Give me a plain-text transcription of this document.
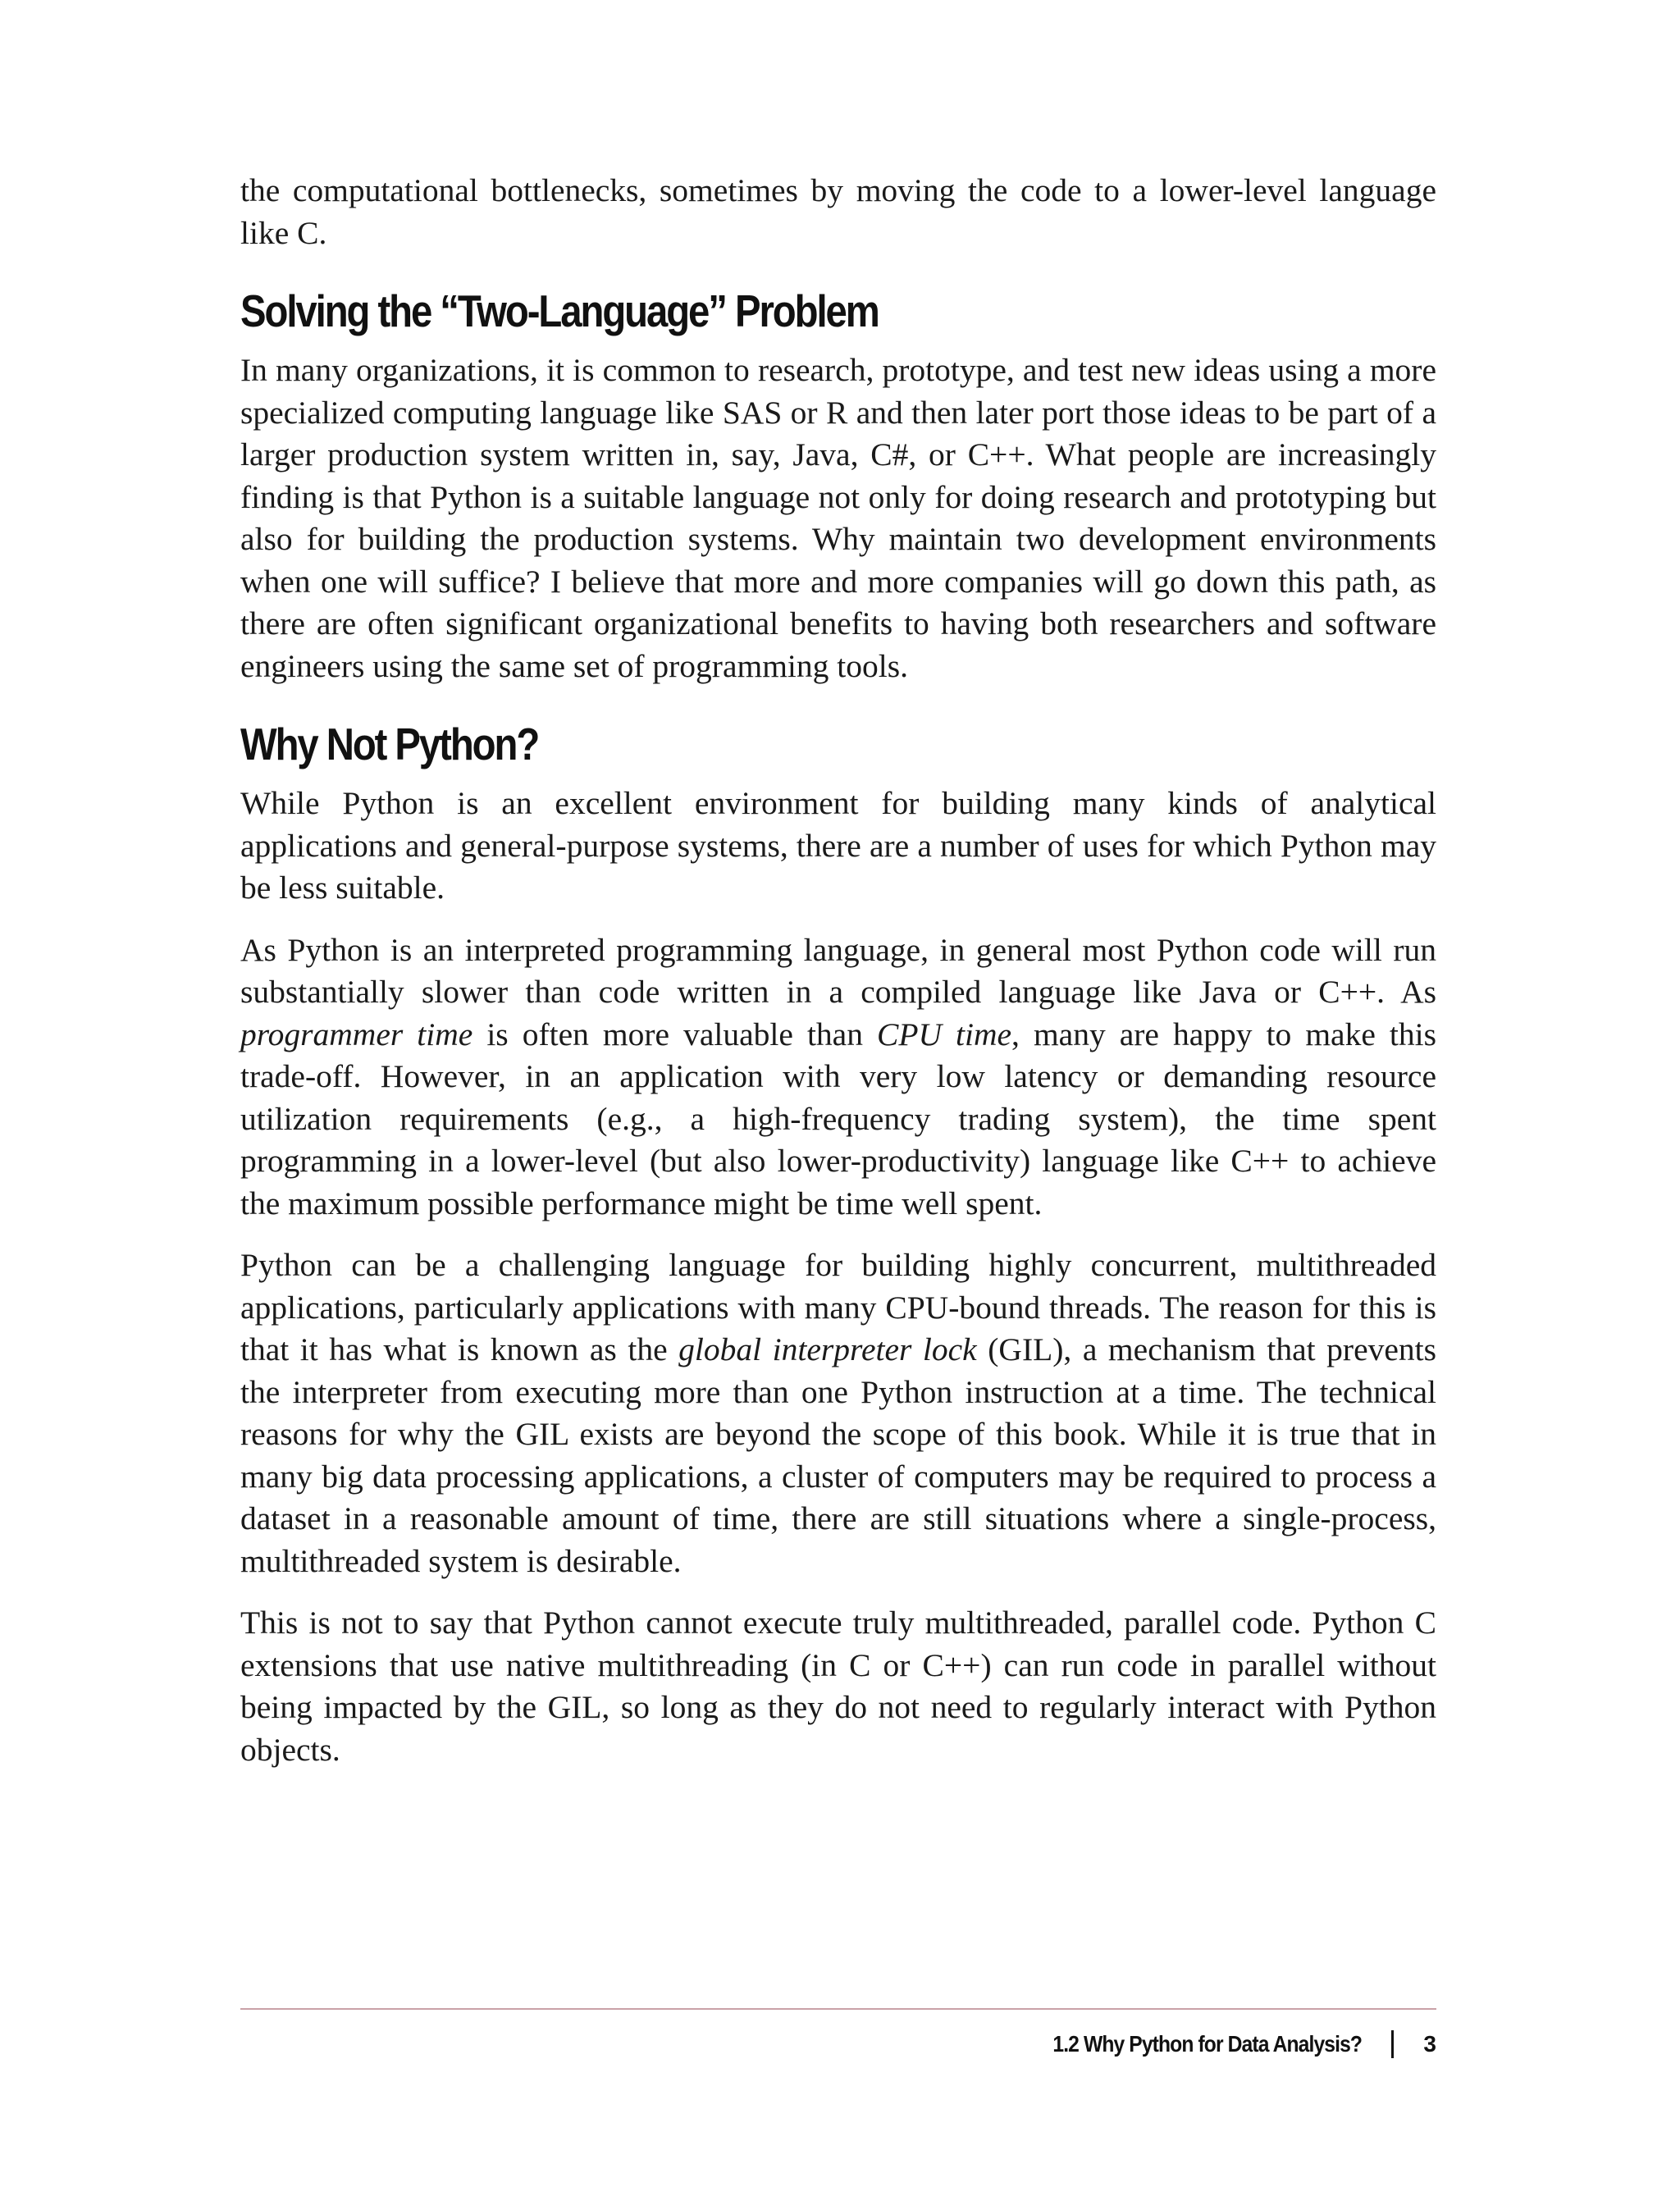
the computational bottlenecks, sometimes by moving the code to a lower-level language like C.

Solving the “Two-Language” Problem

In many organizations, it is common to research, prototype, and test new ideas using a more specialized computing language like SAS or R and then later port those ideas to be part of a larger production system written in, say, Java, C#, or C++. What people are increasingly finding is that Python is a suitable language not only for doing research and prototyping but also for building the production systems. Why maintain two development environments when one will suffice? I believe that more and more companies will go down this path, as there are often significant organizational benefits to having both researchers and software engineers using the same set of programming tools.

Why Not Python?

While Python is an excellent environment for building many kinds of analytical applications and general-purpose systems, there are a number of uses for which Python may be less suitable.

As Python is an interpreted programming language, in general most Python code will run substantially slower than code written in a compiled language like Java or C++. As programmer time is often more valuable than CPU time, many are happy to make this trade-off. However, in an application with very low latency or demanding resource utilization requirements (e.g., a high-frequency trading system), the time spent programming in a lower-level (but also lower-productivity) language like C++ to achieve the maximum possible performance might be time well spent.

Python can be a challenging language for building highly concurrent, multithreaded applications, particularly applications with many CPU-bound threads. The reason for this is that it has what is known as the global interpreter lock (GIL), a mechanism that prevents the interpreter from executing more than one Python instruction at a time. The technical reasons for why the GIL exists are beyond the scope of this book. While it is true that in many big data processing applications, a cluster of computers may be required to process a dataset in a reasonable amount of time, there are still situations where a single-process, multithreaded system is desirable.

This is not to say that Python cannot execute truly multithreaded, parallel code. Python C extensions that use native multithreading (in C or C++) can run code in parallel without being impacted by the GIL, so long as they do not need to regularly interact with Python objects.

1.2 Why Python for Data Analysis?	3
